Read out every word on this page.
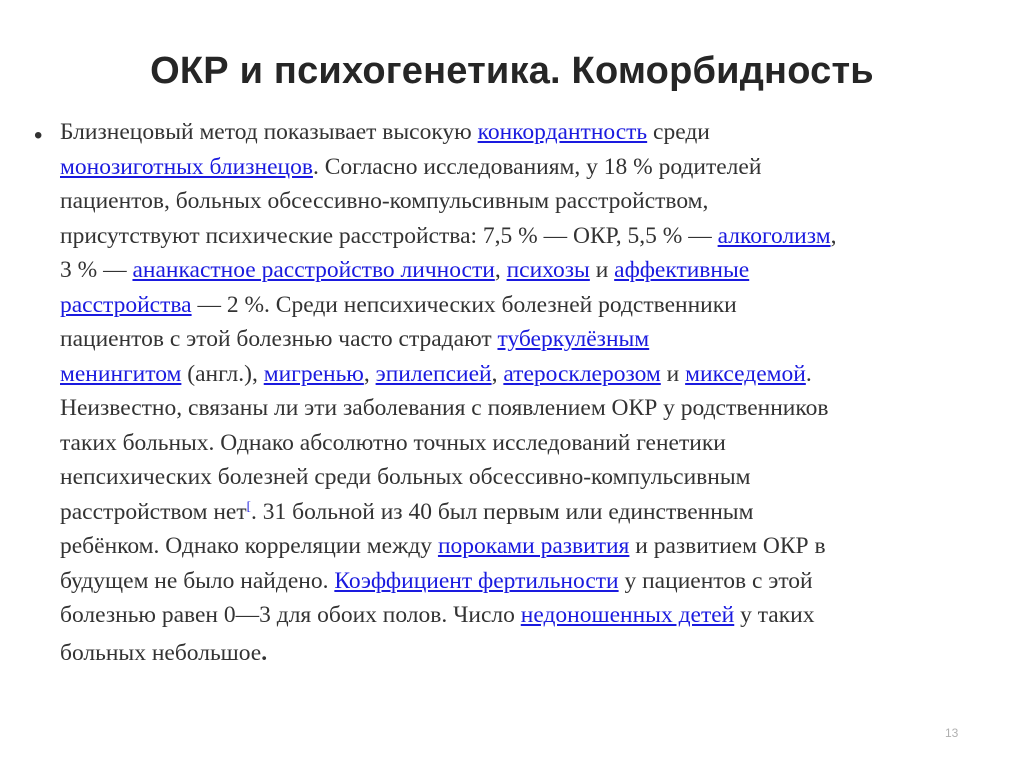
ОКР и психогенетика. Коморбидность
• Близнецовый метод показывает высокую конкордантность среди
монозиготных близнецов. Согласно исследованиям, у 18 % родителей
пациентов, больных обсессивно-компульсивным расстройством,
присутствуют психические расстройства: 7,5 % — ОКР, 5,5 % — алкоголизм,
3 % — ананкастное расстройство личности, психозы и аффективные
расстройства — 2 %. Среди непсихических болезней родственники
пациентов с этой болезнью часто страдают туберкулёзным
менингитом (англ.), мигренью, эпилепсией, атеросклерозом и микседемой.
Неизвестно, связаны ли эти заболевания с появлением ОКР у родственников
таких больных. Однако абсолютно точных исследований генетики
непсихических болезней среди больных обсессивно-компульсивным
расстройством нет[. 31 больной из 40 был первым или единственным
ребёнком. Однако корреляции между пороками развития и развитием ОКР в
будущем не было найдено. Коэффициент фертильности у пациентов с этой
болезнью равен 0—3 для обоих полов. Число недоношенных детей у таких
больных небольшое.
13
